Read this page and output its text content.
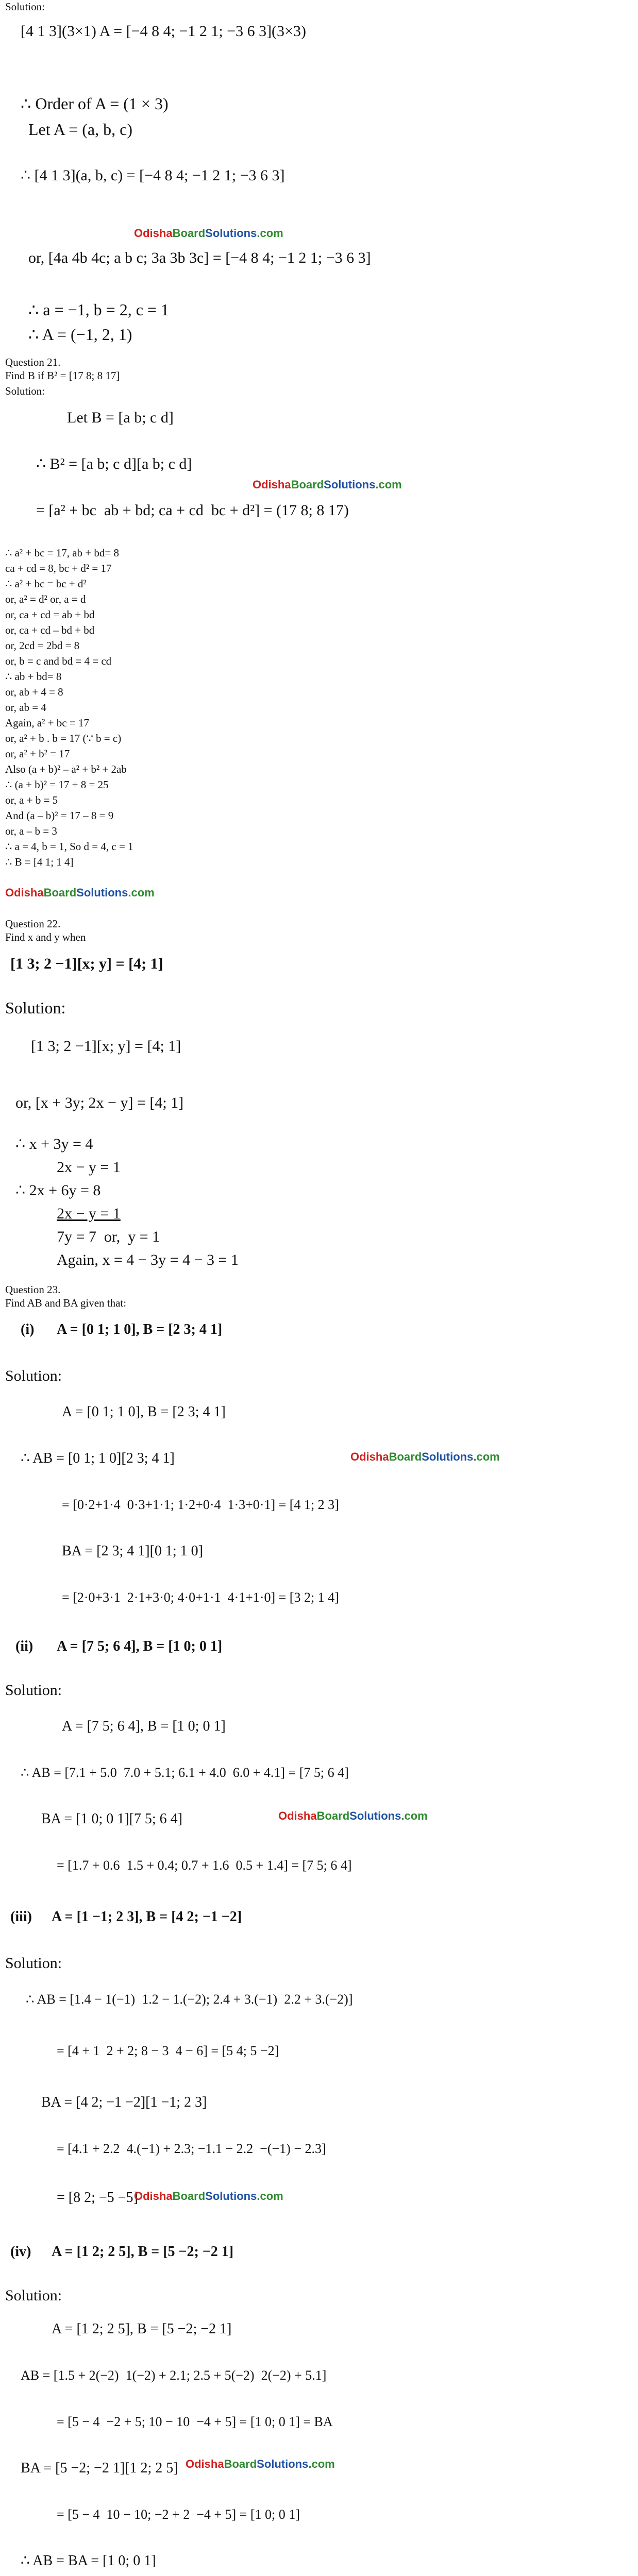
Solution:
[4 1 3](3×1) A = [−4 8 4; −1 2 1; −3 6 3](3×3)
∴ Order of A = (1 × 3)
Let A = (a, b, c)
∴ [4 1 3](a, b, c) = [−4 8 4; −1 2 1; −3 6 3]
OdishaBoardSolutions.com
or, [4a 4b 4c; a b c; 3a 3b 3c] = [−4 8 4; −1 2 1; −3 6 3]
∴ a = −1, b = 2, c = 1
∴ A = (−1, 2, 1)
Question 21.
Find B if B² = [17 8; 8 17]
Solution:
Let B = [a b; c d]
∴ B² = [a b; c d][a b; c d]
OdishaBoardSolutions.com
= [a² + bc  ab + bd; ca + cd  bc + d²] = (17 8; 8 17)
∴ a² + bc = 17, ab + bd= 8
ca + cd = 8, bc + d² = 17
∴ a² + bc = bc + d²
or, a² = d² or, a = d
or, ca + cd = ab + bd
or, ca + cd – bd + bd
or, 2cd = 2bd = 8
or, b = c and bd = 4 = cd
∴ ab + bd= 8
or, ab + 4 = 8
or, ab = 4
Again, a² + bc = 17
or, a² + b . b = 17 (∵ b = c)
or, a² + b² = 17
Also (a + b)² – a² + b² + 2ab
∴ (a + b)² = 17 + 8 = 25
or, a + b = 5
And (a – b)² = 17 – 8 = 9
or, a – b = 3
∴ a = 4, b = 1, So d = 4, c = 1
∴ B = [4 1; 1 4]
OdishaBoardSolutions.com
Question 22.
Find x and y when
[1 3; 2 −1][x; y] = [4; 1]
Solution:
[1 3; 2 −1][x; y] = [4; 1]
or, [x + 3y; 2x − y] = [4; 1]
∴ x + 3y = 4
2x − y = 1
∴ 2x + 6y = 8
2x − y = 1
7y = 7  or,  y = 1
Again, x = 4 − 3y = 4 − 3 = 1
Question 23.
Find AB and BA given that:
(i) A = [0 1; 1 0], B = [2 3; 4 1]
Solution:
A = [0 1; 1 0], B = [2 3; 4 1]
∴ AB = [0 1; 1 0][2 3; 4 1]	OdishaBoardSolutions.com
= [0·2+1·4  0·3+1·1; 1·2+0·4  1·3+0·1] = [4 1; 2 3]
BA = [2 3; 4 1][0 1; 1 0]
= [2·0+3·1  2·1+3·0; 4·0+1·1  4·1+1·0] = [3 2; 1 4]
(ii) A = [7 5; 6 4], B = [1 0; 0 1]
Solution:
A = [7 5; 6 4], B = [1 0; 0 1]
∴ AB = [7.1 + 5.0  7.0 + 5.1; 6.1 + 4.0  6.0 + 4.1] = [7 5; 6 4]
BA = [1 0; 0 1][7 5; 6 4]	OdishaBoardSolutions.com
= [1.7 + 0.6  1.5 + 0.4; 0.7 + 1.6  0.5 + 1.4] = [7 5; 6 4]
(iii) A = [1 −1; 2 3], B = [4 2; −1 −2]
Solution:
∴ AB = [1.4 − 1(−1)  1.2 − 1.(−2); 2.4 + 3.(−1)  2.2 + 3.(−2)]
= [4 + 1  2 + 2; 8 − 3  4 − 6] = [5 4; 5 −2]
BA = [4 2; −1 −2][1 −1; 2 3]
= [4.1 + 2.2  4.(−1) + 2.3; −1.1 − 2.2  −(−1) − 2.3]
= [8 2; −5 −5]
OdishaBoardSolutions.com
(iv) A = [1 2; 2 5], B = [5 −2; −2 1]
Solution:
A = [1 2; 2 5], B = [5 −2; −2 1]
AB = [1.5 + 2(−2)  1(−2) + 2.1; 2.5 + 5(−2)  2(−2) + 5.1]
= [5 − 4  −2 + 5; 10 − 10  −4 + 5] = [1 0; 0 1] = BA
BA = [5 −2; −2 1][1 2; 2 5] OdishaBoardSolutions.com
= [5 − 4  10 − 10; −2 + 2  −4 + 5] = [1 0; 0 1]
∴ AB = BA = [1 0; 0 1]
